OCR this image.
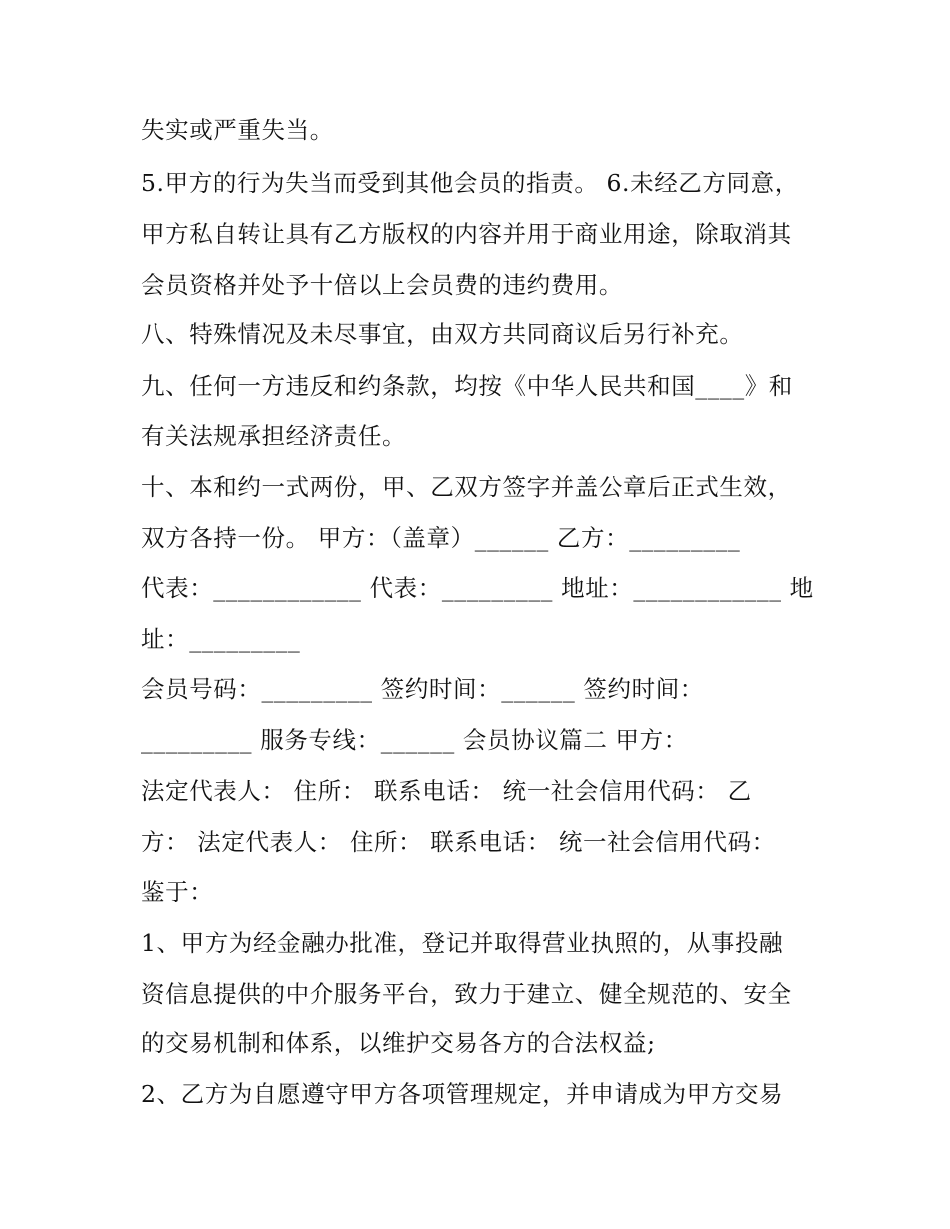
失实或严重失当。
5.甲方的行为失当而受到其他会员的指责。 6.未经乙方同意，
甲方私自转让具有乙方版权的内容并用于商业用途，除取消其
会员资格并处予十倍以上会员费的违约费用。
八、特殊情况及未尽事宜，由双方共同商议后另行补充。
九、任何一方违反和约条款，均按《中华人民共和国____》和
有关法规承担经济责任。
十、本和约一式两份，甲、乙双方签字并盖公章后正式生效，
双方各持一份。 甲方：（盖章）______ 乙方：_________
代表：____________ 代表：_________ 地址：____________ 地
址：_________
会员号码：_________ 签约时间：______ 签约时间：
_________ 服务专线：______ 会员协议篇二 甲方：
法定代表人： 住所： 联系电话： 统一社会信用代码： 乙
方： 法定代表人： 住所： 联系电话： 统一社会信用代码：
鉴于：
1、甲方为经金融办批准，登记并取得营业执照的，从事投融
资信息提供的中介服务平台，致力于建立、健全规范的、安全
的交易机制和体系，以维护交易各方的合法权益;
2、乙方为自愿遵守甲方各项管理规定，并申请成为甲方交易
